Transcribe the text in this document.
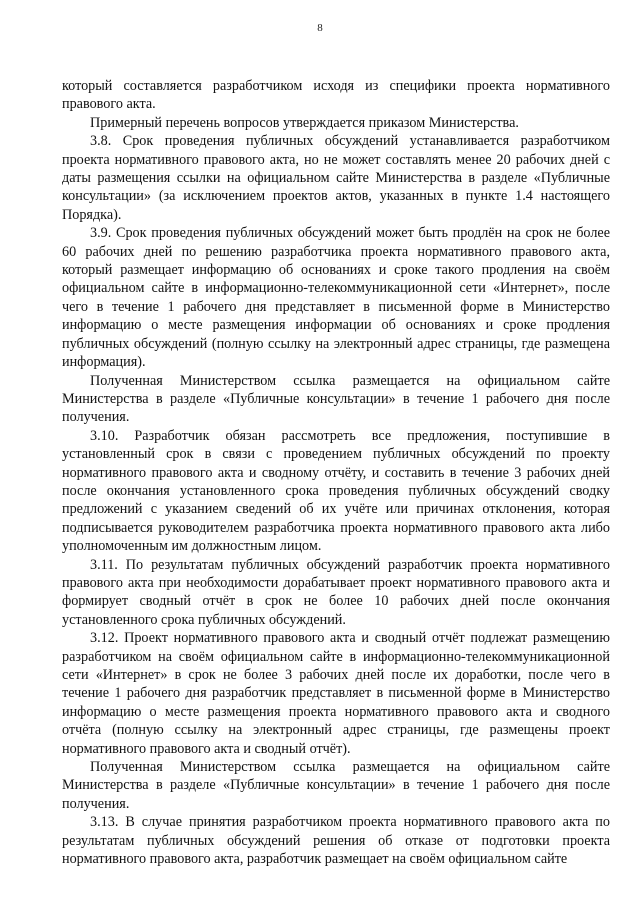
8

который составляется разработчиком исходя из специфики проекта нормативного правового акта.

Примерный перечень вопросов утверждается приказом Министерства.

3.8. Срок проведения публичных обсуждений устанавливается разработчиком проекта нормативного правового акта, но не может составлять менее 20 рабочих дней с даты размещения ссылки на официальном сайте Министерства в разделе «Публичные консультации» (за исключением проектов актов, указанных в пункте 1.4 настоящего Порядка).

3.9. Срок проведения публичных обсуждений может быть продлён на срок не более 60 рабочих дней по решению разработчика проекта нормативного правового акта, который размещает информацию об основаниях и сроке такого продления на своём официальном сайте в информационно-телекоммуникационной сети «Интернет», после чего в течение 1 рабочего дня представляет в письменной форме в Министерство информацию о месте размещения информации об основаниях и сроке продления публичных обсуждений (полную ссылку на электронный адрес страницы, где размещена информация).

Полученная Министерством ссылка размещается на официальном сайте Министерства в разделе «Публичные консультации» в течение 1 рабочего дня после получения.

3.10. Разработчик обязан рассмотреть все предложения, поступившие в установленный срок в связи с проведением публичных обсуждений по проекту нормативного правового акта и сводному отчёту, и составить в течение 3 рабочих дней после окончания установленного срока проведения публичных обсуждений сводку предложений с указанием сведений об их учёте или причинах отклонения, которая подписывается руководителем разработчика проекта нормативного правового акта либо уполномоченным им должностным лицом.

3.11. По результатам публичных обсуждений разработчик проекта нормативного правового акта при необходимости дорабатывает проект нормативного правового акта и формирует сводный отчёт в срок не более 10 рабочих дней после окончания установленного срока публичных обсуждений.

3.12. Проект нормативного правового акта и сводный отчёт подлежат размещению разработчиком на своём официальном сайте в информационно-телекоммуникационной сети «Интернет» в срок не более 3 рабочих дней после их доработки, после чего в течение 1 рабочего дня разработчик представляет в письменной форме в Министерство информацию о месте размещения проекта нормативного правового акта и сводного отчёта (полную ссылку на электронный адрес страницы, где размещены проект нормативного правового акта и сводный отчёт).

Полученная Министерством ссылка размещается на официальном сайте Министерства в разделе «Публичные консультации» в течение 1 рабочего дня после получения.

3.13. В случае принятия разработчиком проекта нормативного правового акта по результатам публичных обсуждений решения об отказе от подготовки проекта нормативного правового акта, разработчик размещает на своём официальном сайте
